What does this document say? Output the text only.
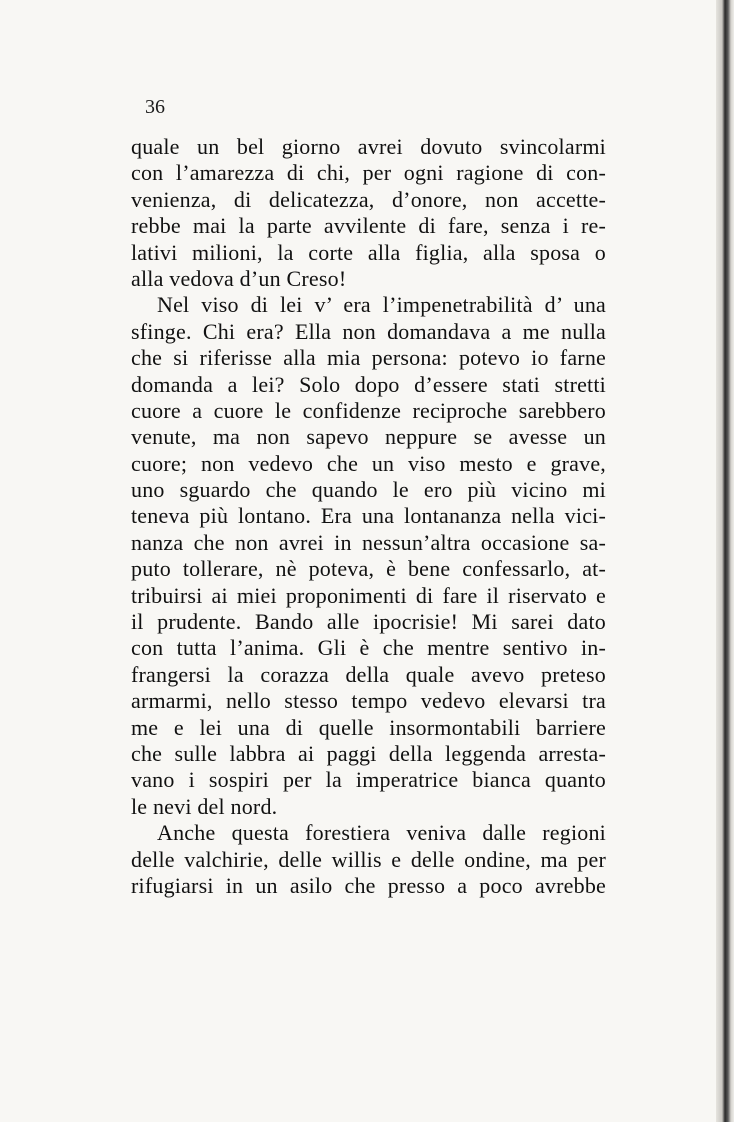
36
quale un bel giorno avrei dovuto svincolarmi
con l’amarezza di chi, per ogni ragione di con-
venienza, di delicatezza, d’onore, non accette-
rebbe mai la parte avvilente di fare, senza i re-
lativi milioni, la corte alla figlia, alla sposa o
alla vedova d’un Creso!
Nel viso di lei v’ era l’impenetrabilità d’ una
sfinge. Chi era? Ella non domandava a me nulla
che si riferisse alla mia persona: potevo io farne
domanda a lei? Solo dopo d’essere stati stretti
cuore a cuore le confidenze reciproche sarebbero
venute, ma non sapevo neppure se avesse un
cuore; non vedevo che un viso mesto e grave,
uno sguardo che quando le ero più vicino mi
teneva più lontano. Era una lontananza nella vici-
nanza che non avrei in nessun’altra occasione sa-
puto tollerare, nè poteva, è bene confessarlo, at-
tribuirsi ai miei proponimenti di fare il riservato e
il prudente. Bando alle ipocrisie! Mi sarei dato
con tutta l’anima. Gli è che mentre sentivo in-
frangersi la corazza della quale avevo preteso
armarmi, nello stesso tempo vedevo elevarsi tra
me e lei una di quelle insormontabili barriere
che sulle labbra ai paggi della leggenda arresta-
vano i sospiri per la imperatrice bianca quanto
le nevi del nord.
Anche questa forestiera veniva dalle regioni
delle valchirie, delle willis e delle ondine, ma per
rifugiarsi in un asilo che presso a poco avrebbe
